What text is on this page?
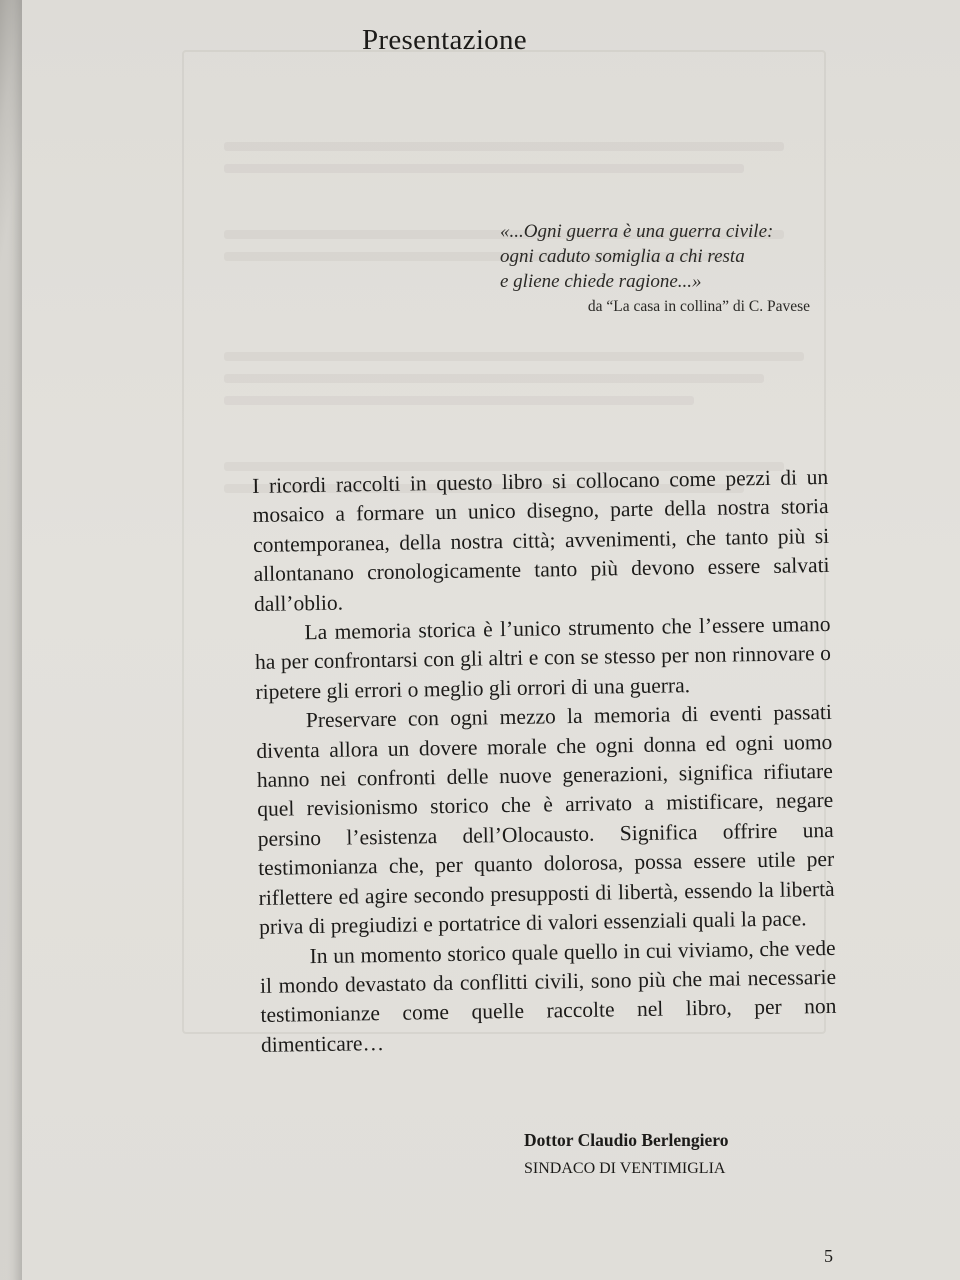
Presentazione
«...Ogni guerra è una guerra civile:
ogni caduto somiglia a chi resta
e gliene chiede ragione...»
da “La casa in collina” di C. Pavese

I ricordi raccolti in questo libro si collocano come pezzi di un mosaico a formare un unico disegno, parte della nostra storia contemporanea, della nostra città; avvenimenti, che tanto più si allontanano cronologicamente tanto più devono essere salvati dall’oblio.

La memoria storica è l’unico strumento che l’essere umano ha per confrontarsi con gli altri e con se stesso per non rinnovare o ripetere gli errori o meglio gli orrori di una guerra.

Preservare con ogni mezzo la memoria di eventi passati diventa allora un dovere morale che ogni donna ed ogni uomo hanno nei confronti delle nuove generazioni, significa rifiutare quel revisionismo storico che è arrivato a mistificare, negare persino l’esistenza dell’Olocausto. Significa offrire una testimonianza che, per quanto dolorosa, possa essere utile per riflettere ed agire secondo presupposti di libertà, essendo la libertà priva di pregiudizi e portatrice di valori essenziali quali la pace.

In un momento storico quale quello in cui viviamo, che vede il mondo devastato da conflitti civili, sono più che mai necessarie testimonianze come quelle raccolte nel libro, per non dimenticare…

Dottor Claudio Berlengiero
SINDACO DI VENTIMIGLIA
5
